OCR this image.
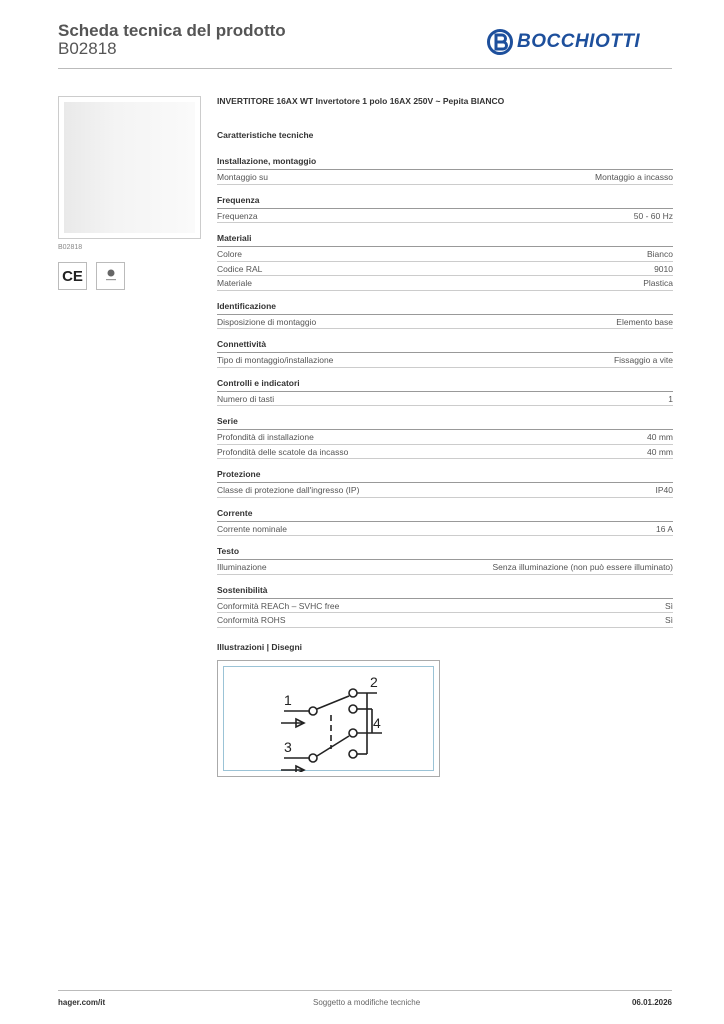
Scheda tecnica del prodotto
B02818	BOCCHIOTTI
B02818
CE
INVERTITORE 16AX WT Invertotore 1 polo 16AX 250V ~ Pepita BIANCO
Caratteristiche tecniche
Installazione, montaggio
Montaggio su	Montaggio a incasso
Frequenza
Frequenza	50 - 60 Hz
Materiali
Colore	Bianco
Codice RAL	9010
Materiale	Plastica
Identificazione
Disposizione di montaggio	Elemento base
Connettività
Tipo di montaggio/installazione	Fissaggio a vite
Controlli e indicatori
Numero di tasti	1
Serie
Profondità di installazione	40 mm
Profondità delle scatole da incasso	40 mm
Protezione
Classe di protezione dall'ingresso (IP)	IP40
Corrente
Corrente nominale	16 A
Testo
Illuminazione	Senza illuminazione (non può essere illuminato)
Sostenibilità
Conformità REACh – SVHC free	Sì
Conformità ROHS	Sì
Illustrazioni | Disegni
1
2
3
4
hager.com/it	Soggetto a modifiche tecniche	06.01.2026
